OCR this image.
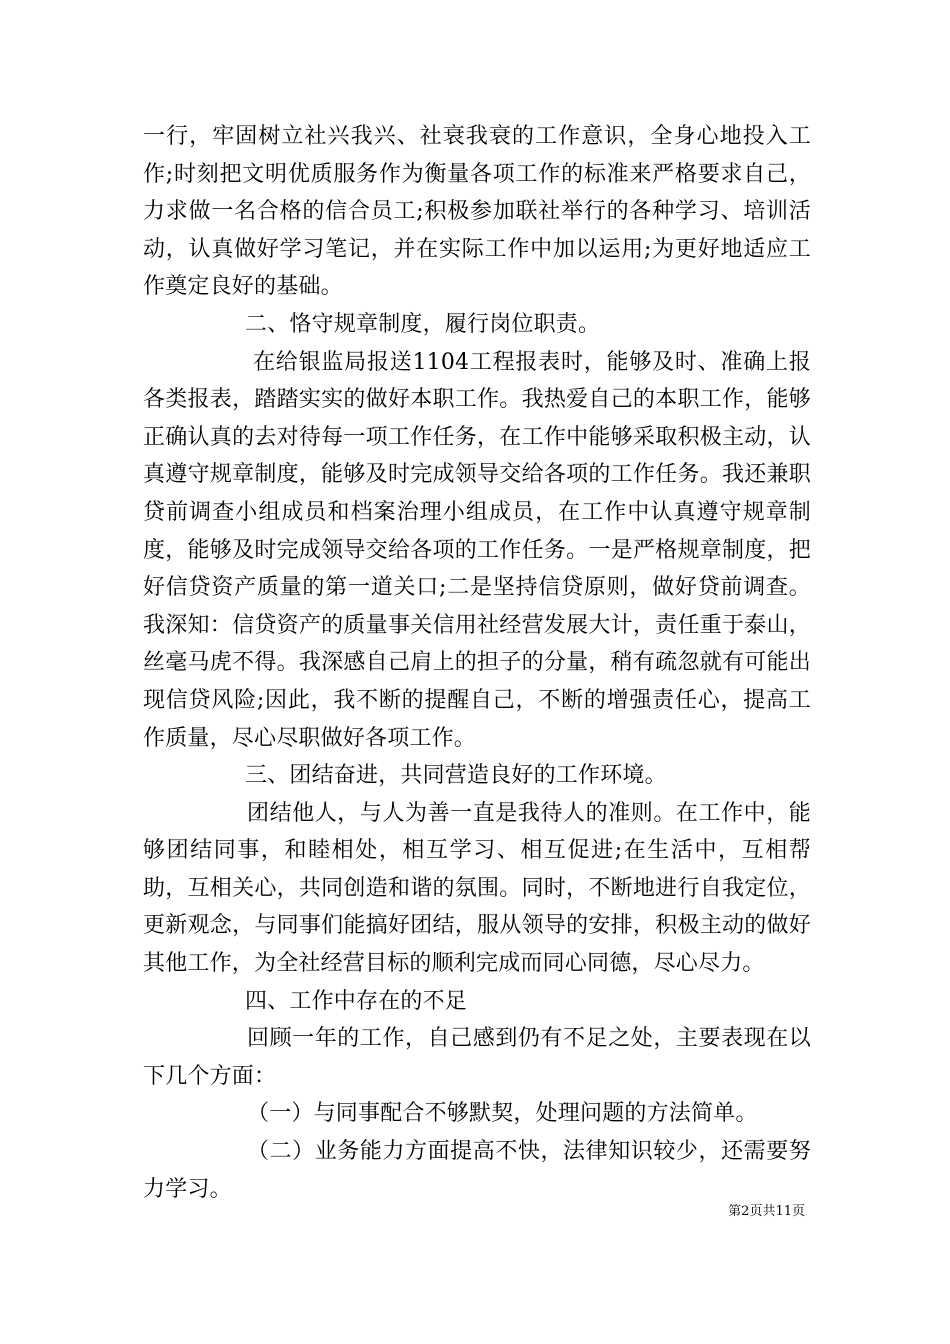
一行，牢固树立社兴我兴、社衰我衰的工作意识，全身心地投入工作;时刻把文明优质服务作为衡量各项工作的标准来严格要求自己，力求做一名合格的信合员工;积极参加联社举行的各种学习、培训活动，认真做好学习笔记，并在实际工作中加以运用;为更好地适应工作奠定良好的基础。

二、恪守规章制度，履行岗位职责。

在给银监局报送1104工程报表时，能够及时、准确上报各类报表，踏踏实实的做好本职工作。我热爱自己的本职工作，能够正确认真的去对待每一项工作任务，在工作中能够采取积极主动，认真遵守规章制度，能够及时完成领导交给各项的工作任务。我还兼职贷前调查小组成员和档案治理小组成员，在工作中认真遵守规章制度，能够及时完成领导交给各项的工作任务。一是严格规章制度，把好信贷资产质量的第一道关口;二是坚持信贷原则，做好贷前调查。我深知：信贷资产的质量事关信用社经营发展大计，责任重于泰山，丝毫马虎不得。我深感自己肩上的担子的分量，稍有疏忽就有可能出现信贷风险;因此，我不断的提醒自己，不断的增强责任心，提高工作质量，尽心尽职做好各项工作。

三、团结奋进，共同营造良好的工作环境。

团结他人，与人为善一直是我待人的准则。在工作中，能够团结同事，和睦相处，相互学习、相互促进;在生活中，互相帮助，互相关心，共同创造和谐的氛围。同时，不断地进行自我定位，更新观念，与同事们能搞好团结，服从领导的安排，积极主动的做好其他工作，为全社经营目标的顺利完成而同心同德，尽心尽力。

四、工作中存在的不足

回顾一年的工作，自己感到仍有不足之处，主要表现在以下几个方面：

（一）与同事配合不够默契，处理问题的方法简单。

（二）业务能力方面提高不快，法律知识较少，还需要努力学习。

第2页共11页
